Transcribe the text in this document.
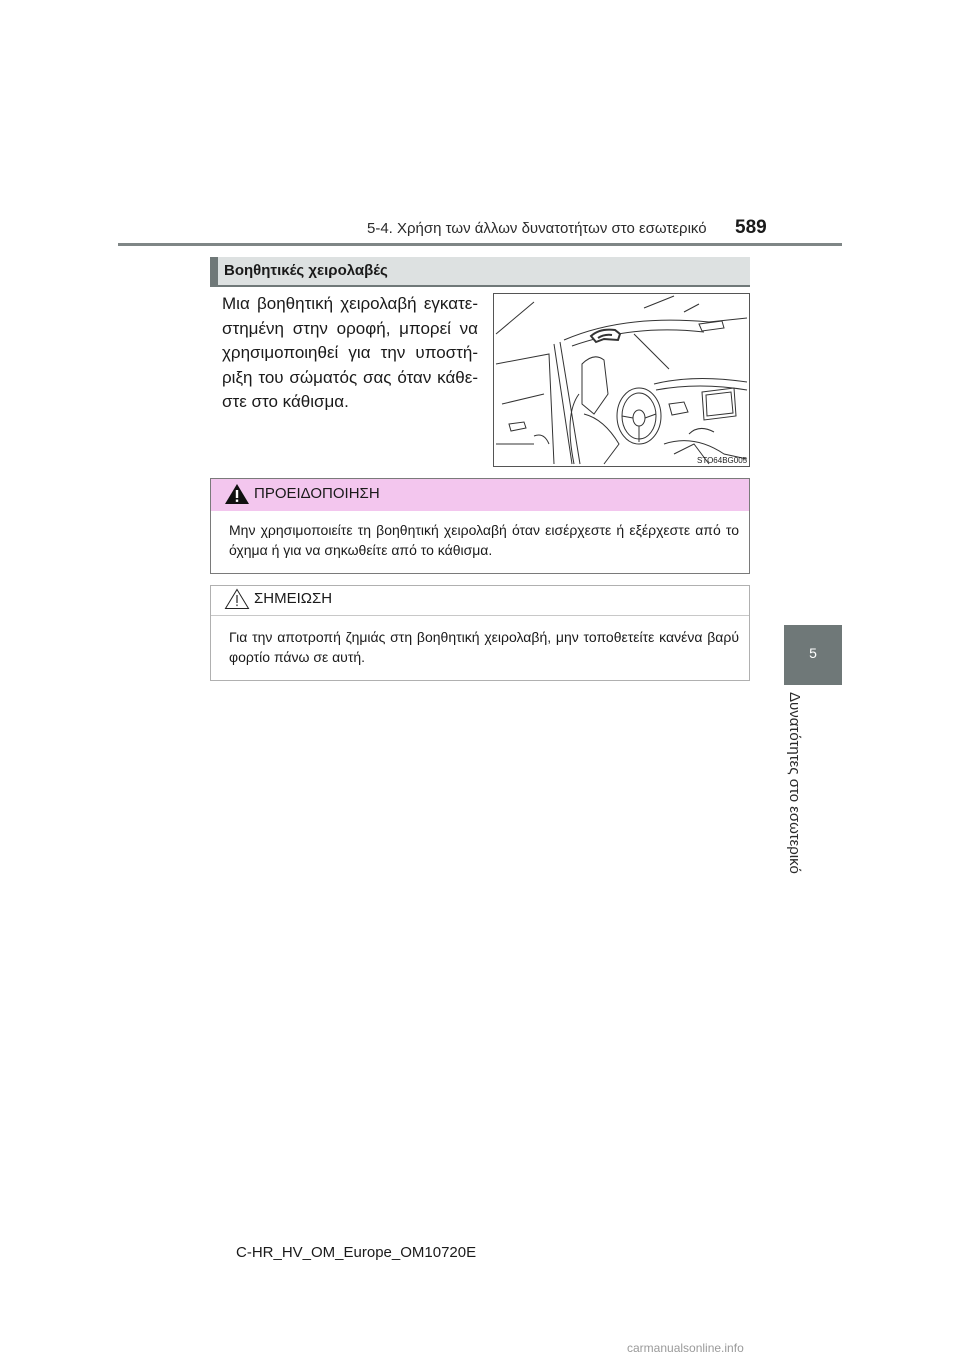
5-4. Χρήση των άλλων δυνατοτήτων στο εσωτερικό	589
5
Δυνατότητες στο εσωτερικό
Βοηθητικές χειρολαβές
Μια βοηθητική χειρολαβή εγκατε-στημένη στην οροφή, μπορεί να χρησιμοποιηθεί για την υποστή-ριξη του σώματός σας όταν κάθε-στε στο κάθισμα.
STO64BG005
ΠΡΟΕΙΔΟΠΟΙΗΣΗ
Μην χρησιμοποιείτε τη βοηθητική χειρολαβή όταν εισέρχεστε ή εξέρχεστε από το όχημα ή για να σηκωθείτε από το κάθισμα.
ΣΗΜΕΙΩΣΗ
Για την αποτροπή ζημιάς στη βοηθητική χειρολαβή, μην τοποθετείτε κανένα βαρύ φορτίο πάνω σε αυτή.
C-HR_HV_OM_Europe_OM10720E
carmanualsonline.info
